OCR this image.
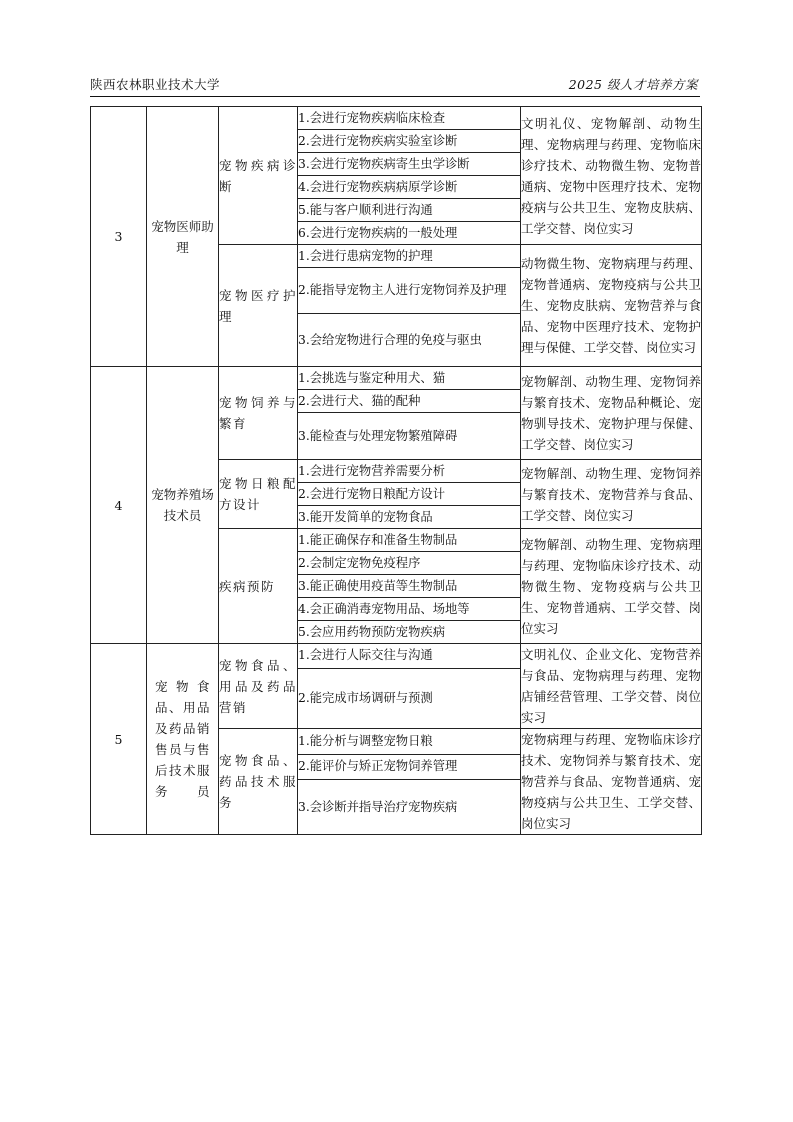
陕西农林职业技术大学	2025 级人才培养方案
3	宠物医师助理	宠物疾病诊断	1.会进行宠物疾病临床检查	文明礼仪、宠物解剖、动物生理、宠物病理与药理、宠物临床诊疗技术、动物微生物、宠物普通病、宠物中医理疗技术、宠物疫病与公共卫生、宠物皮肤病、工学交替、岗位实习
			2.会进行宠物疾病实验室诊断	
			3.会进行宠物疾病寄生虫学诊断	
			4.会进行宠物疾病病原学诊断	
			5.能与客户顺利进行沟通	
			6.会进行宠物疾病的一般处理	
		宠物医疗护理	1.会进行患病宠物的护理	动物微生物、宠物病理与药理、宠物普通病、宠物疫病与公共卫生、宠物皮肤病、宠物营养与食品、宠物中医理疗技术、宠物护理与保健、工学交替、岗位实习
			2.能指导宠物主人进行宠物饲养及护理	
			3.会给宠物进行合理的免疫与驱虫	
4	宠物养殖场技术员	宠物饲养与繁育	1.会挑选与鉴定种用犬、猫	宠物解剖、动物生理、宠物饲养与繁育技术、宠物品种概论、宠物驯导技术、宠物护理与保健、工学交替、岗位实习
			2.会进行犬、猫的配种	
			3.能检查与处理宠物繁殖障碍	
		宠物日粮配方设计	1.会进行宠物营养需要分析	宠物解剖、动物生理、宠物饲养与繁育技术、宠物营养与食品、工学交替、岗位实习
			2.会进行宠物日粮配方设计	
			3.能开发简单的宠物食品	
		疾病预防	1.能正确保存和准备生物制品	宠物解剖、动物生理、宠物病理与药理、宠物临床诊疗技术、动物微生物、宠物疫病与公共卫生、宠物普通病、工学交替、岗位实习
			2.会制定宠物免疫程序	
			3.能正确使用疫苗等生物制品	
			4.会正确消毒宠物用品、场地等	
			5.会应用药物预防宠物疾病	
5	宠物食品、用品及药品销售员与售后技术服务员	宠物食品、用品及药品营销	1.会进行人际交往与沟通	文明礼仪、企业文化、宠物营养与食品、宠物病理与药理、宠物店铺经营管理、工学交替、岗位实习
			2.能完成市场调研与预测	
		宠物食品、药品技术服务	1.能分析与调整宠物日粮	宠物病理与药理、宠物临床诊疗技术、宠物饲养与繁育技术、宠物营养与食品、宠物普通病、宠物疫病与公共卫生、工学交替、岗位实习
			2.能评价与矫正宠物饲养管理	
			3.会诊断并指导治疗宠物疾病	
